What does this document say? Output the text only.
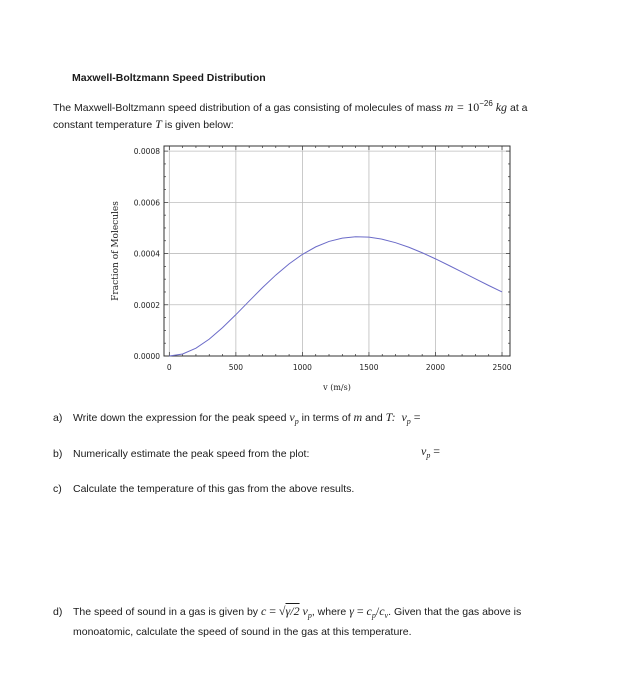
Maxwell-Boltzmann Speed Distribution
The Maxwell-Boltzmann speed distribution of a gas consisting of molecules of mass $m = 10^{-26}$ kg at a
constant temperature T is given below:
0	500	1000	1500	2000	2500
0.0000
0.0002
0.0004
0.0006
0.0008
v (m/s)
Fraction of Molecules
a) Write down the expression for the peak speed $v_p$ in terms of m and T: $v_p$ =
b) Numerically estimate the peak speed from the plot:	$v_p$ =
c) Calculate the temperature of this gas from the above results.
d) The speed of sound in a gas is given by c = √γ/2 $v_p$, where $\gamma = c_p/c_v$. Given that the gas above is
monoatomic, calculate the speed of sound in the gas at this temperature.
